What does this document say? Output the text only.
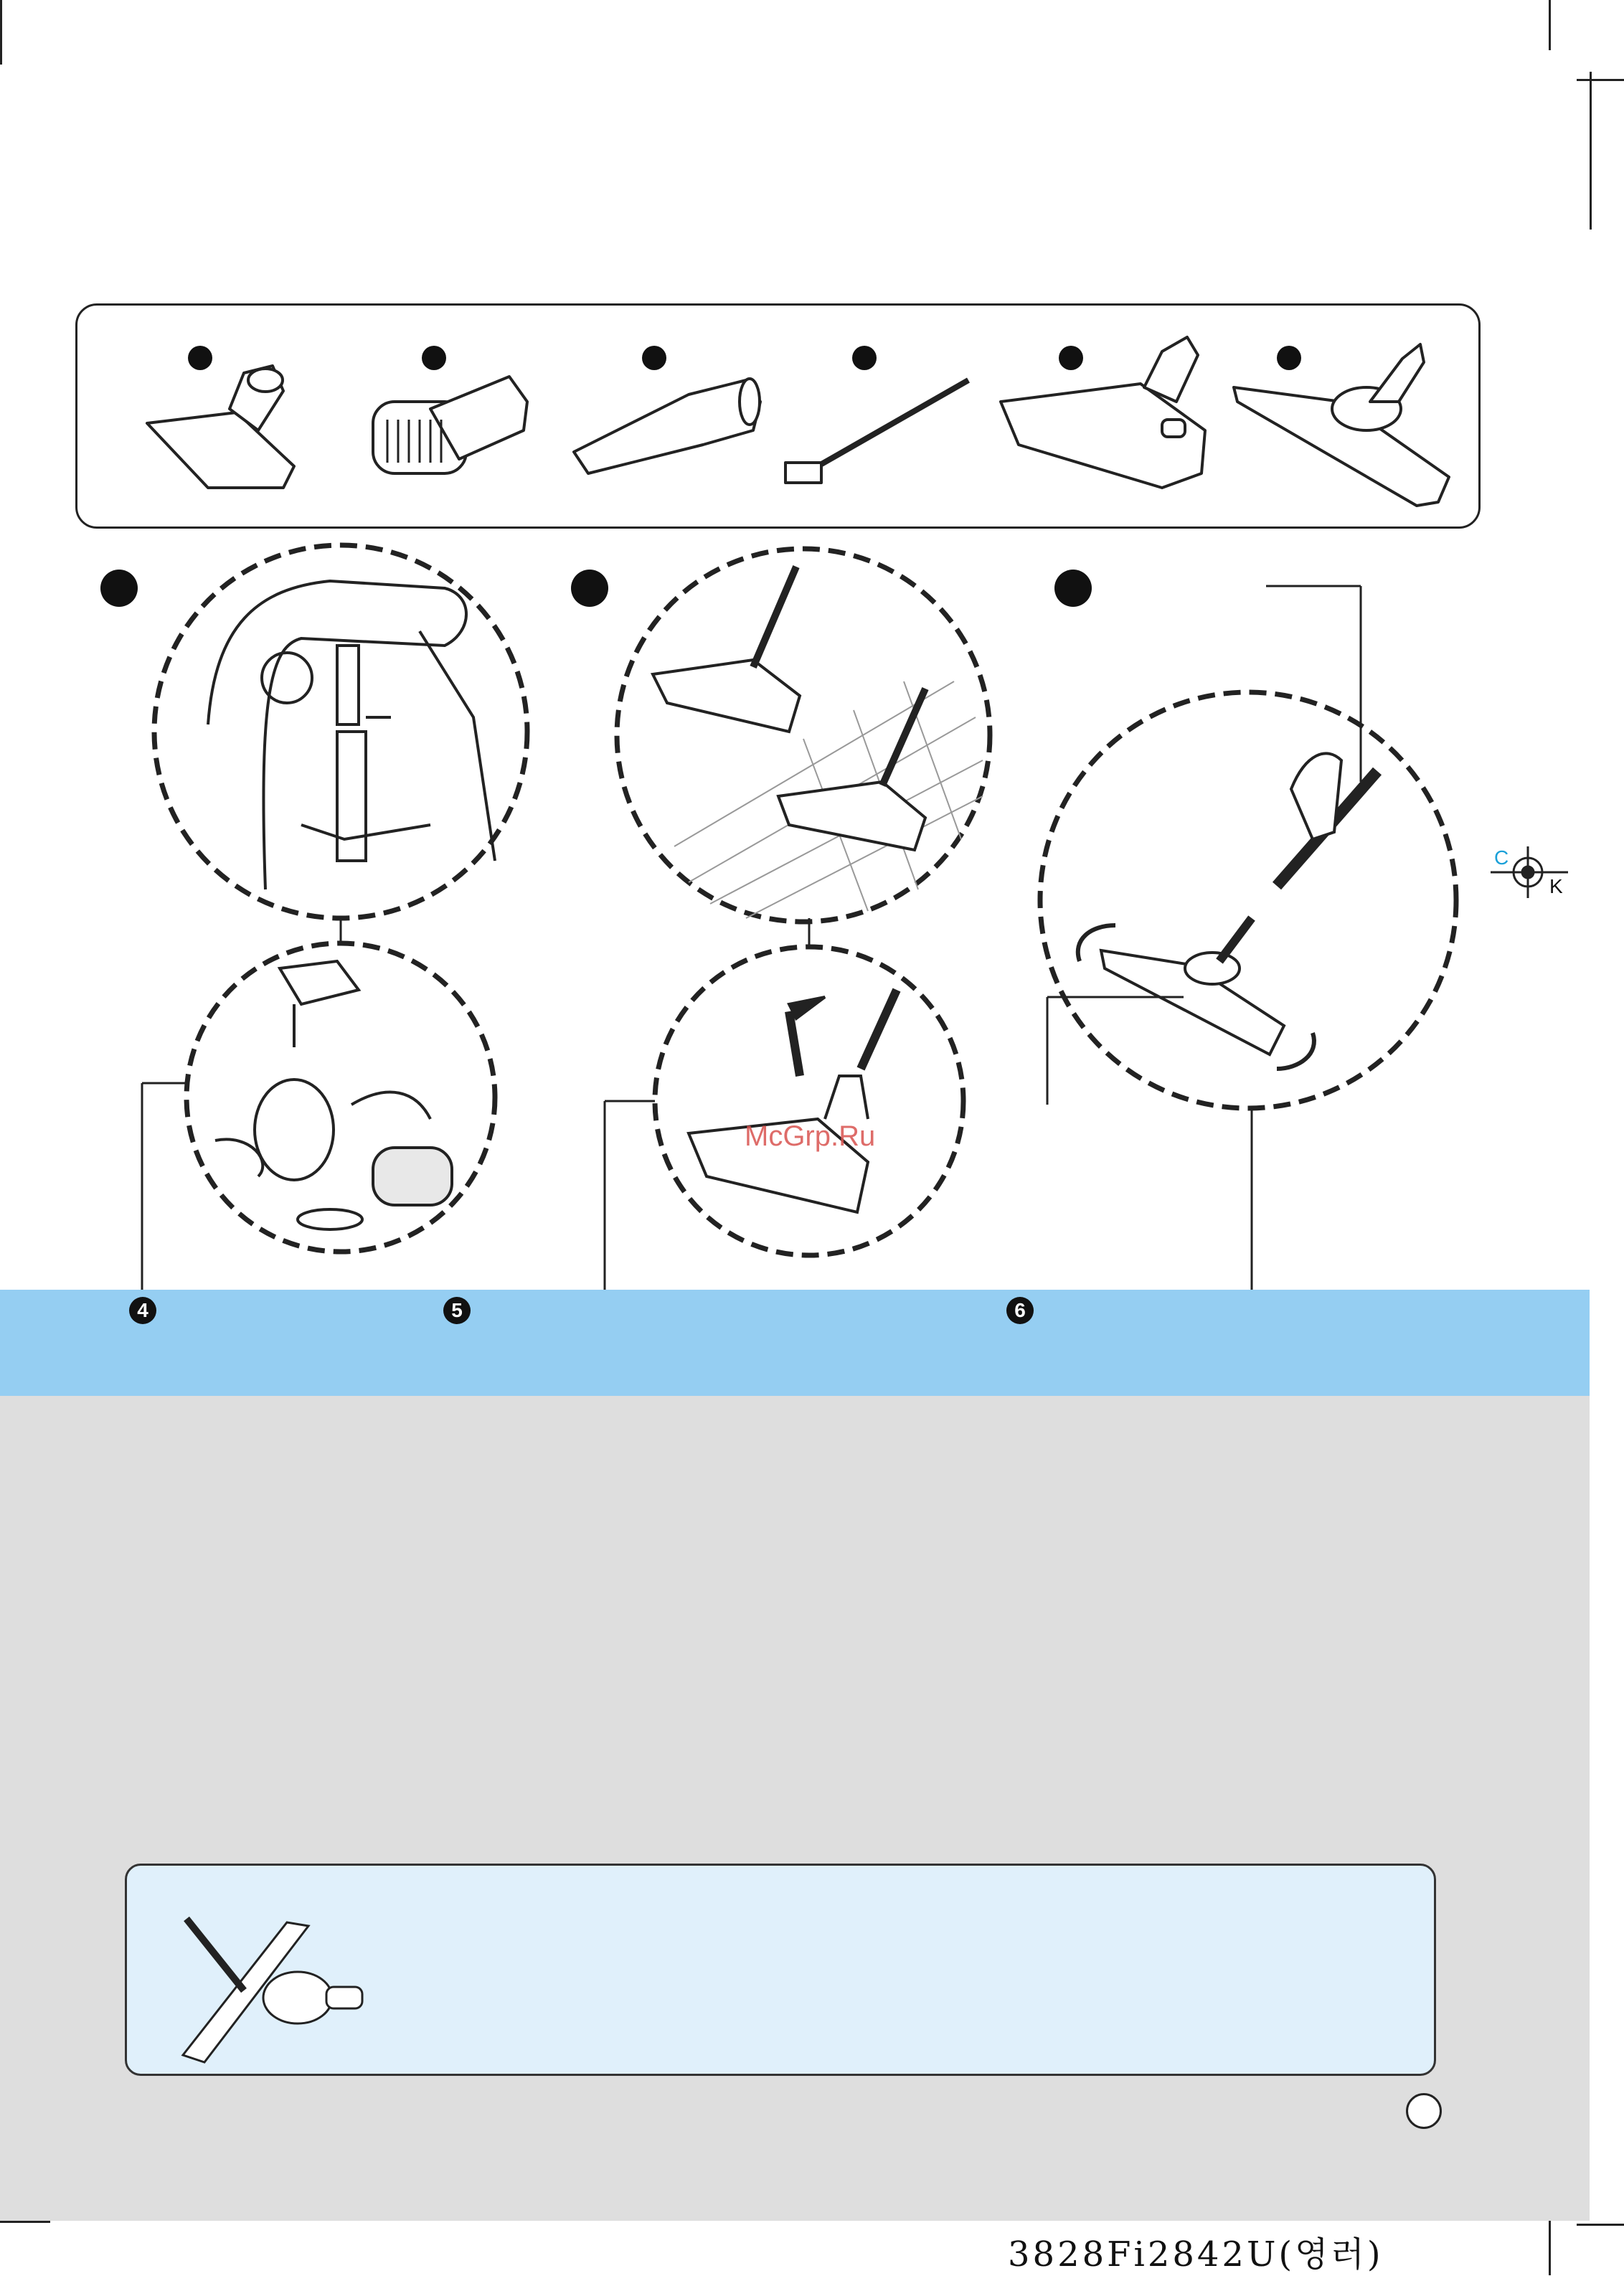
C
K
McGrp.Ru
4	5	6
3828Fi2842U(영러)
